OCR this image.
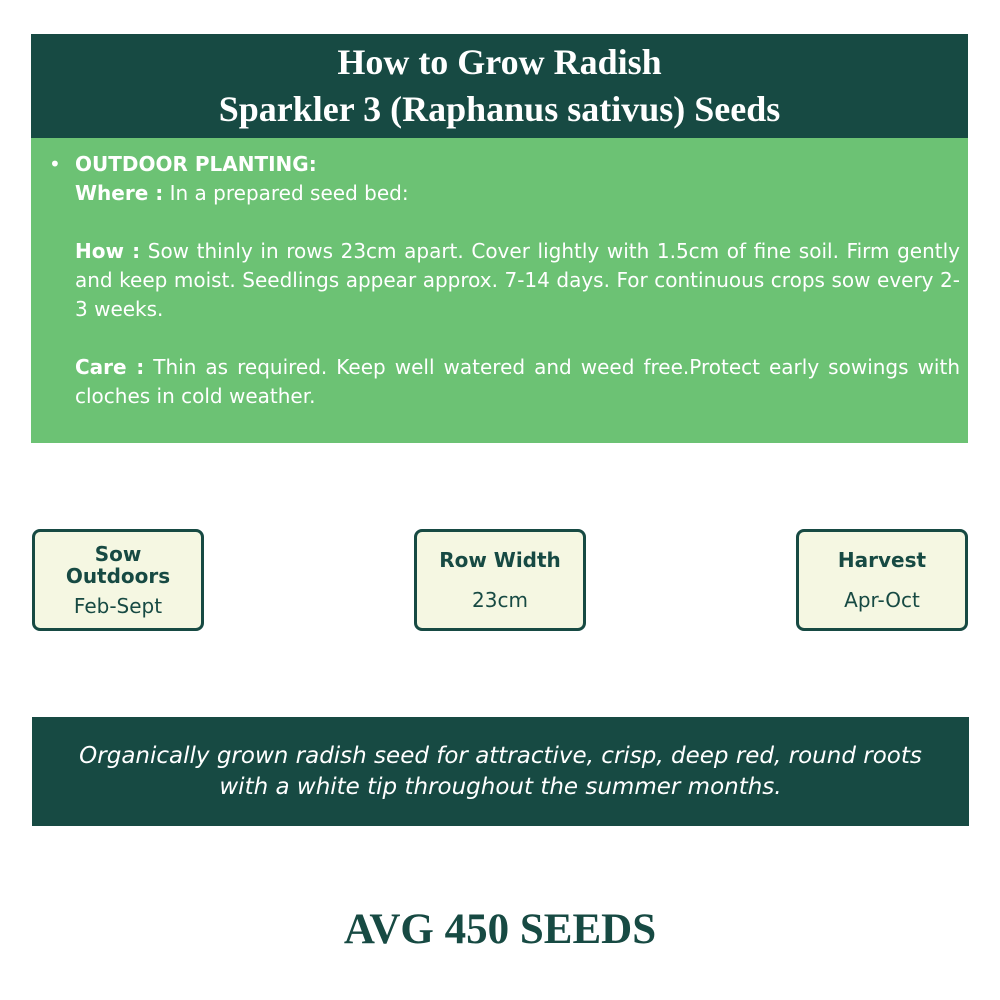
How to Grow Radish
Sparkler 3 (Raphanus sativus) Seeds
• OUTDOOR PLANTING:

Where : In a prepared seed bed:

How : Sow thinly in rows 23cm apart. Cover lightly with 1.5cm of fine soil. Firm gently and keep moist. Seedlings appear approx. 7-14 days. For continuous crops sow every 2-3 weeks.

Care : Thin as required. Keep well watered and weed free.Protect early sowings with cloches in cold weather.

Sow
Outdoors
Feb-Sept
Row Width
23cm
Harvest
Apr-Oct
Organically grown radish seed for attractive, crisp, deep red, round roots with a white tip throughout the summer months.
AVG 450 SEEDS
